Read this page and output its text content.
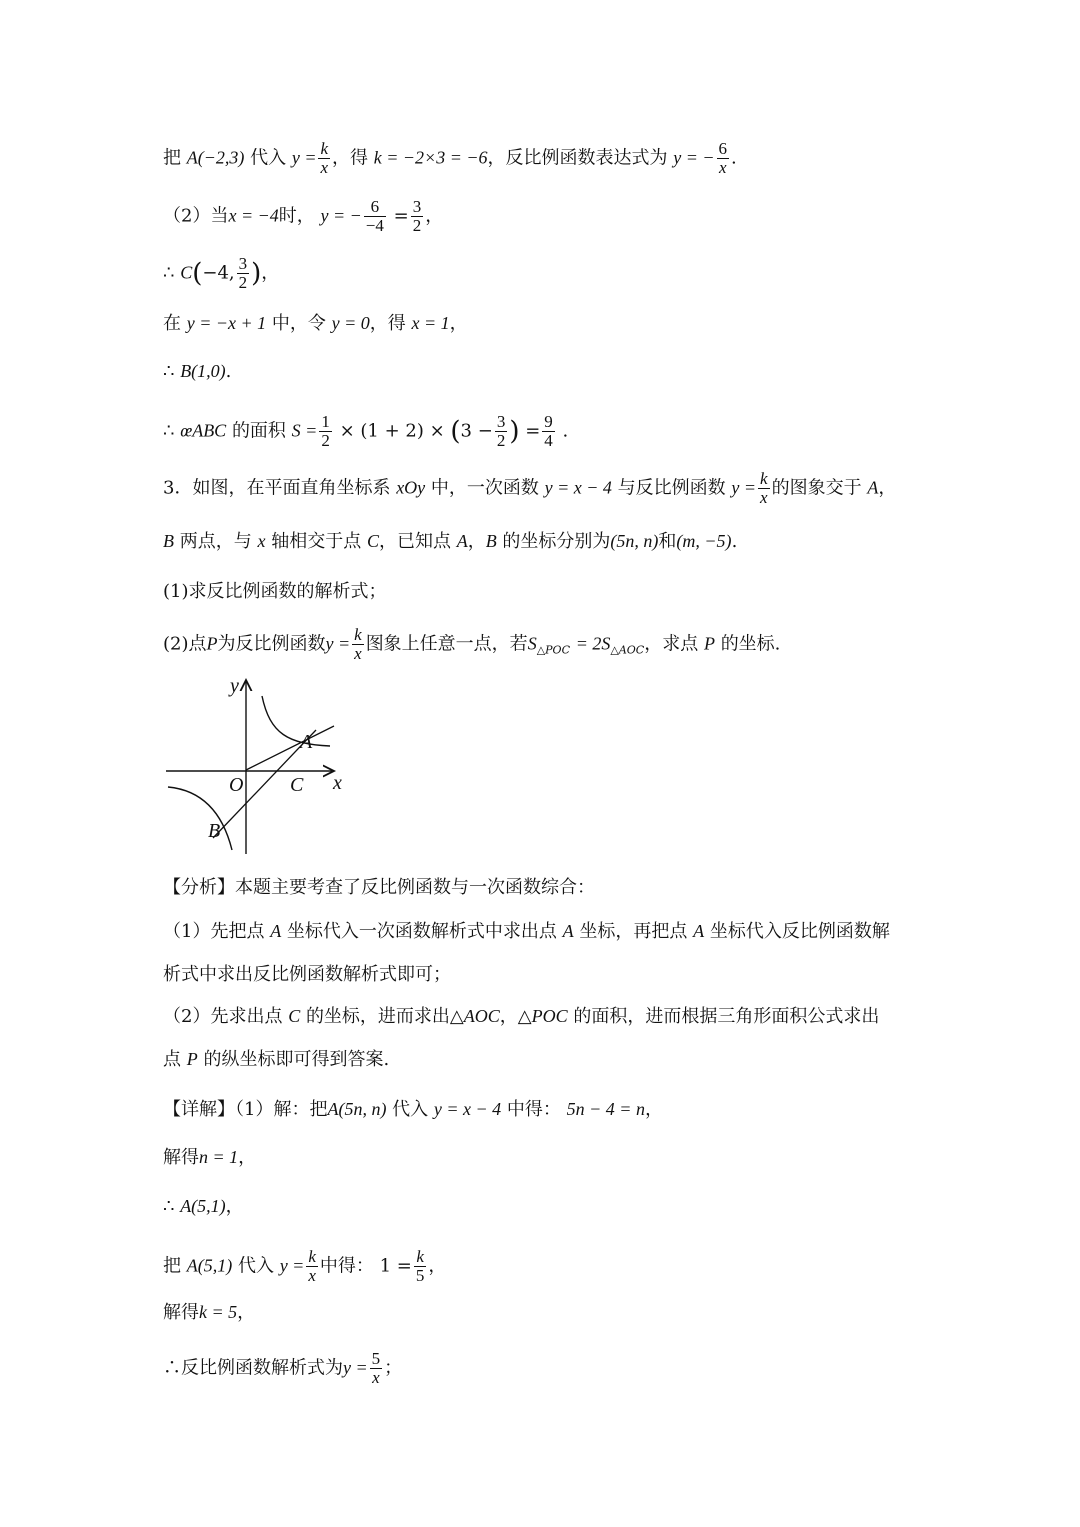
把 A(−2,3) 代入 $y = \frac{k}{x}$ ，得 k = −2×3 = −6，反比例函数表达式为 y = − $\frac{6}{x}$ .
（2）当x = −4时， y = − $\frac{6}{-4} = \frac{3}{2}$ ，
∴ C(−4, $\frac{3}{2}$ )，
在 y = −x + 1 中，令 y = 0，得 x = 1，
∴ B(1,0).
∴ œABC 的面积 $S = \frac{1}{2} \times (1 + 2) \times (3 - \frac{3}{2}$ ) = $\frac{9}{4}$ .
3．如图，在平面直角坐标系 xOy 中，一次函数 y = x − 4 与反比例函数 $y = \frac{k}{x}$ 的图象交于 A，
B 两点，与 x 轴相交于点 C，已知点 A，B 的坐标分别为(5n, n)和(m, −5).
(1)求反比例函数的解析式；
(2)点P为反比例函数$y = \frac{k}{x}$ 图象上任意一点，若$S_{\triangle POC} = 2S_{\triangle AOC}$，求点 P 的坐标.
y
x
O C
A
B
【分析】本题主要考查了反比例函数与一次函数综合：
（1）先把点 A 坐标代入一次函数解析式中求出点 A 坐标，再把点 A 坐标代入反比例函数解
析式中求出反比例函数解析式即可；
（2）先求出点 C 的坐标，进而求出△AOC，△POC 的面积，进而根据三角形面积公式求出
点 P 的纵坐标即可得到答案.
【详解】（1）解：把A(5n, n) 代入 y = x − 4 中得： 5n − 4 = n，
解得n = 1，
∴ A(5,1)，
把 A(5,1) 代入 $y = \frac{k}{x}$ 中得： $1 = \frac{k}{5}$ ，
解得k = 5，
∴反比例函数解析式为$y = \frac{5}{x}$ ；
